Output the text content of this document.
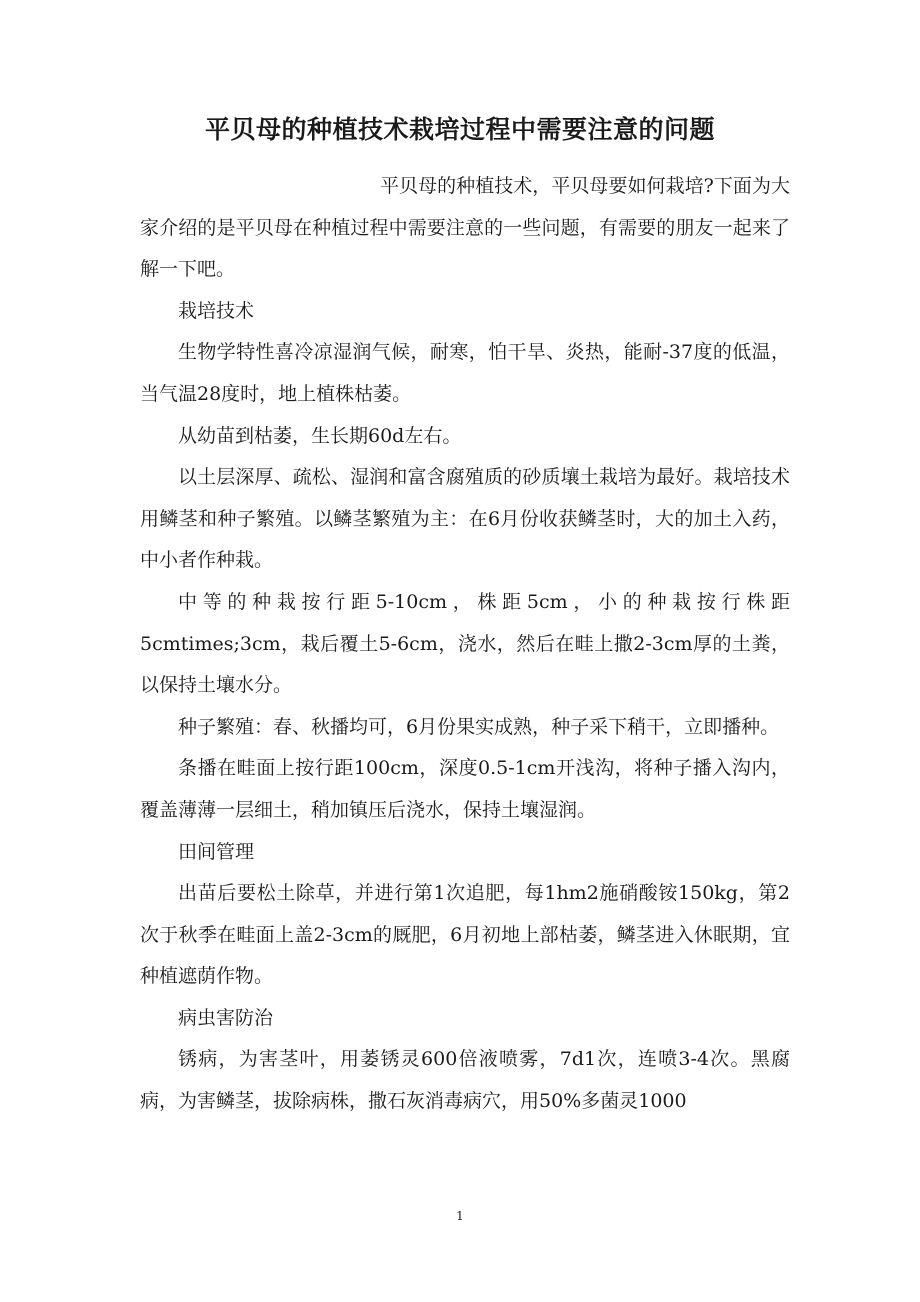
平贝母的种植技术栽培过程中需要注意的问题

平贝母的种植技术，平贝母要如何栽培?下面为大家介绍的是平贝母在种植过程中需要注意的一些问题，有需要的朋友一起来了解一下吧。

栽培技术

生物学特性喜冷凉湿润气候，耐寒，怕干旱、炎热，能耐-37度的低温，当气温28度时，地上植株枯萎。

从幼苗到枯萎，生长期60d左右。

以土层深厚、疏松、湿润和富含腐殖质的砂质壤土栽培为最好。栽培技术用鳞茎和种子繁殖。以鳞茎繁殖为主：在6月份收获鳞茎时，大的加土入药，中小者作种栽。

中等的种栽按行距5-10cm，株距5cm，小的种栽按行株距5cmtimes;3cm，栽后覆土5-6cm，浇水，然后在畦上撒2-3cm厚的土粪，以保持土壤水分。

种子繁殖：春、秋播均可，6月份果实成熟，种子采下稍干，立即播种。

条播在畦面上按行距100cm，深度0.5-1cm开浅沟，将种子播入沟内，覆盖薄薄一层细土，稍加镇压后浇水，保持土壤湿润。

田间管理

出苗后要松土除草，并进行第1次追肥，每1hm2施硝酸铵150kg，第2次于秋季在畦面上盖2-3cm的厩肥，6月初地上部枯萎，鳞茎进入休眠期，宜种植遮荫作物。

病虫害防治

锈病，为害茎叶，用萎锈灵600倍液喷雾，7d1次，连喷3-4次。黑腐病，为害鳞茎，拔除病株，撒石灰消毒病穴，用50%多菌灵1000

1
